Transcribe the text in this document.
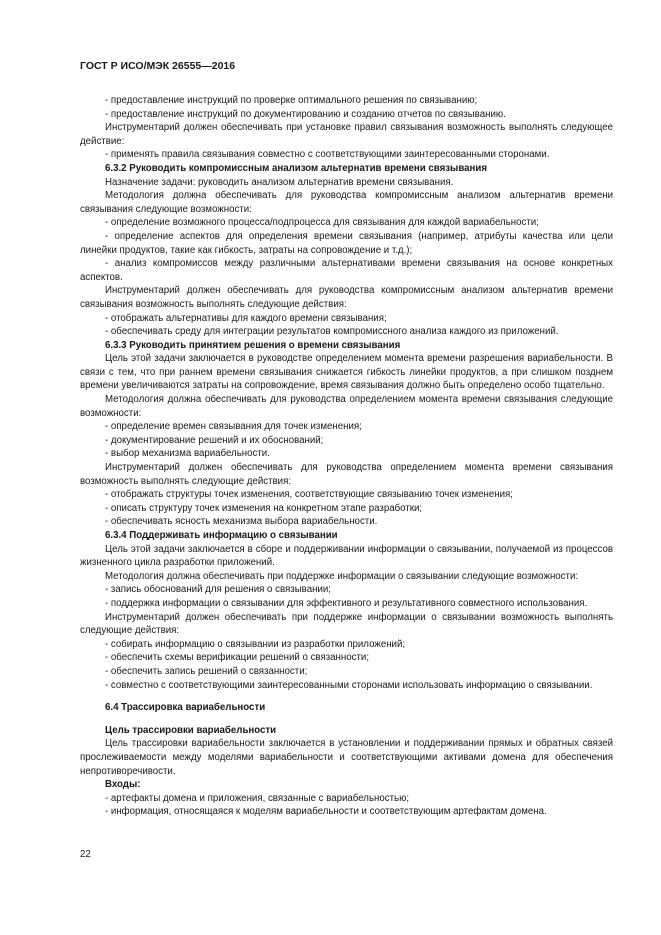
ГОСТ Р ИСО/МЭК 26555—2016

- предоставление инструкций по проверке оптимального решения по связыванию;

- предоставление инструкций по документированию и созданию отчетов по связыванию.

Инструментарий должен обеспечивать при установке правил связывания возможность выполнять следующее действие:

- применять правила связывания совместно с соответствующими заинтересованными сторонами.

6.3.2 Руководить компромиссным анализом альтернатив времени связывания

Назначение задачи: руководить анализом альтернатив времени связывания.

Методология должна обеспечивать для руководства компромиссным анализом альтернатив времени связывания следующие возможности:

- определение возможного процесса/подпроцесса для связывания для каждой вариабельности;

- определение аспектов для определения времени связывания (например, атрибуты качества или цели линейки продуктов, такие как гибкость, затраты на сопровождение и т.д.);

- анализ компромиссов между различными альтернативами времени связывания на основе конкретных аспектов.

Инструментарий должен обеспечивать для руководства компромиссным анализом альтернатив времени связывания возможность выполнять следующие действия:

- отображать альтернативы для каждого времени связывания;

- обеспечивать среду для интеграции результатов компромиссного анализа каждого из приложений.

6.3.3 Руководить принятием решения о времени связывания

Цель этой задачи заключается в руководстве определением момента времени разрешения вариабельности. В связи с тем, что при раннем времени связывания снижается гибкость линейки продуктов, а при слишком позднем времени увеличиваются затраты на сопровождение, время связывания должно быть определено особо тщательно.

Методология должна обеспечивать для руководства определением момента времени связывания следующие возможности:

- определение времен связывания для точек изменения;

- документирование решений и их обоснований;

- выбор механизма вариабельности.

Инструментарий должен обеспечивать для руководства определением момента времени связывания возможность выполнять следующие действия:

- отображать структуры точек изменения, соответствующие связыванию точек изменения;

- описать структуру точек изменения на конкретном этапе разработки;

- обеспечивать ясность механизма выбора вариабельности.

6.3.4 Поддерживать информацию о связывании

Цель этой задачи заключается в сборе и поддерживании информации о связывании, получаемой из процессов жизненного цикла разработки приложений.

Методология должна обеспечивать при поддержке информации о связывании следующие возможности:

- запись обоснований для решения о связывании;

- поддержка информации о связывании для эффективного и результативного совместного использования.

Инструментарий должен обеспечивать при поддержке информации о связывании возможность выполнять следующие действия:

- собирать информацию о связывании из разработки приложений;

- обеспечить схемы верификации решений о связанности;

- обеспечить запись решений о связанности;

- совместно с соответствующими заинтересованными сторонами использовать информацию о связывании.

6.4 Трассировка вариабельности

Цель трассировки вариабельности

Цель трассировки вариабельности заключается в установлении и поддерживании прямых и обратных связей прослеживаемости между моделями вариабельности и соответствующими активами домена для обеспечения непротиворечивости.

Входы:

- артефакты домена и приложения, связанные с вариабельностью;

- информация, относящаяся к моделям вариабельности и соответствующим артефактам домена.

22
